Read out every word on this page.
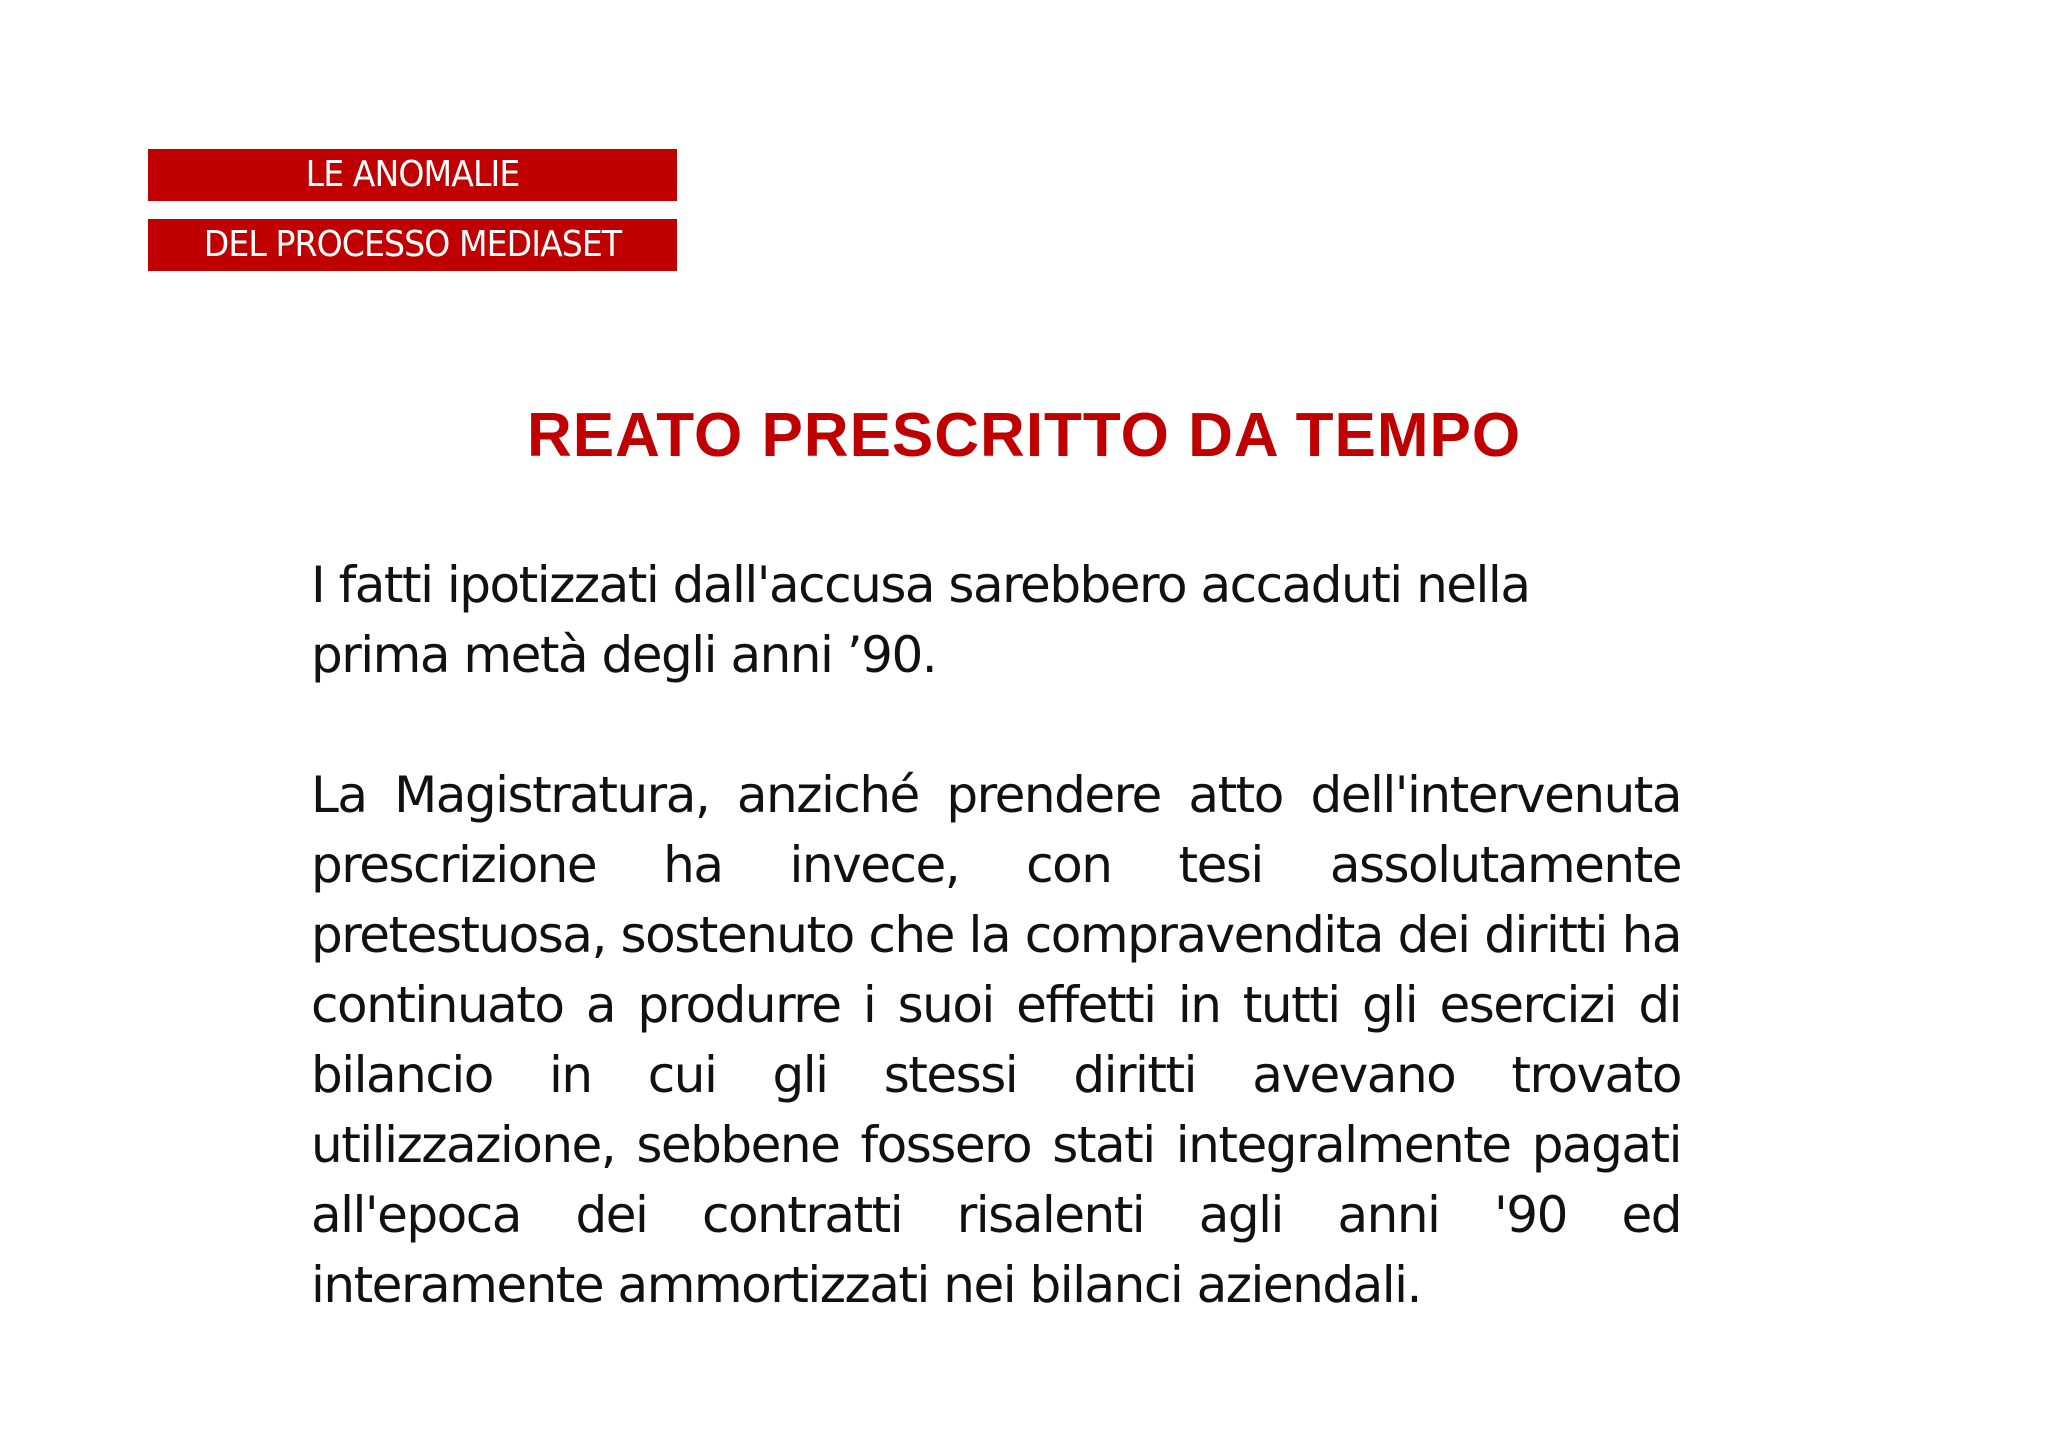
LE ANOMALIE
DEL PROCESSO MEDIASET
REATO PRESCRITTO DA TEMPO

I fatti ipotizzati dall'accusa sarebbero accaduti nella prima metà degli anni ’90.

La Magistratura, anziché prendere atto dell'intervenuta prescrizione ha invece, con tesi assolutamente pretestuosa, sostenuto che la compravendita dei diritti ha continuato a produrre i suoi effetti in tutti gli esercizi di bilancio in cui gli stessi diritti avevano trovato utilizzazione, sebbene fossero stati integralmente pagati all'epoca dei contratti risalenti agli anni '90 ed interamente ammortizzati nei bilanci aziendali.
